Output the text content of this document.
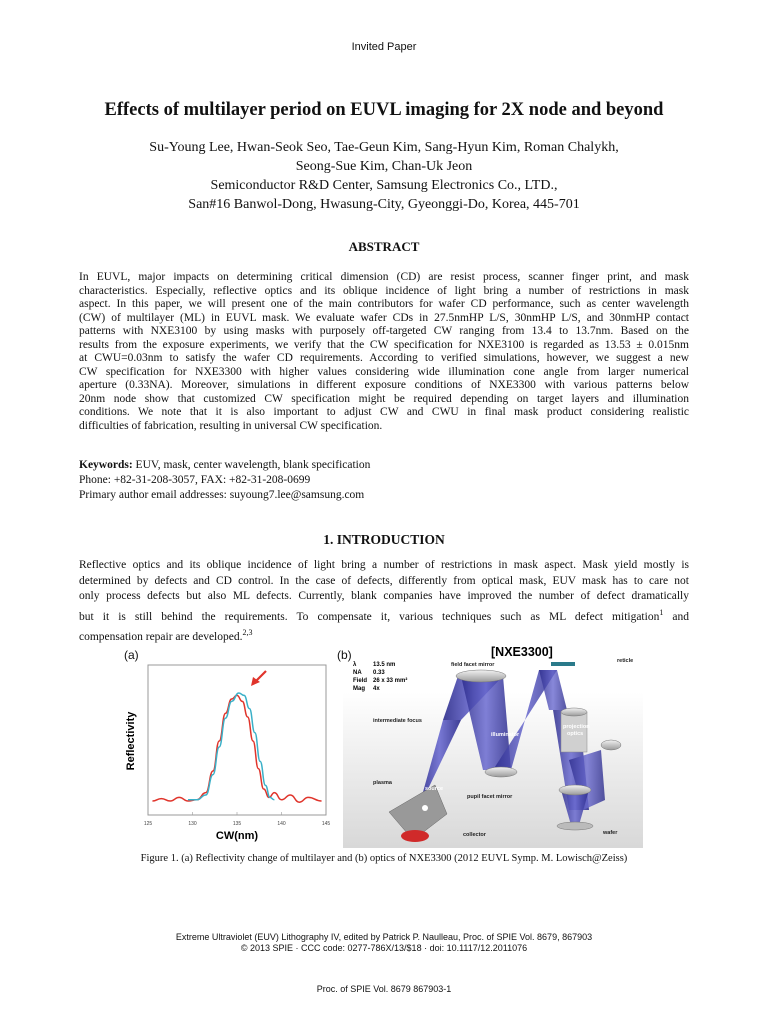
Invited Paper
Effects of multilayer period on EUVL imaging for 2X node and beyond
Su-Young Lee, Hwan-Seok Seo, Tae-Geun Kim, Sang-Hyun Kim, Roman Chalykh,
Seong-Sue Kim, Chan-Uk Jeon
Semiconductor R&D Center, Samsung Electronics Co., LTD.,
San#16 Banwol-Dong, Hwasung-City, Gyeonggi-Do, Korea, 445-701
ABSTRACT
In EUVL, major impacts on determining critical dimension (CD) are resist process, scanner finger print, and mask
characteristics. Especially, reflective optics and its oblique incidence of light bring a number of restrictions in mask
aspect. In this paper, we will present one of the main contributors for wafer CD performance, such as center wavelength
(CW) of multilayer (ML) in EUVL mask. We evaluate wafer CDs in 27.5nmHP L/S, 30nmHP L/S, and 30nmHP contact
patterns with NXE3100 by using masks with purposely off-targeted CW ranging from 13.4 to 13.7nm. Based on the
results from the exposure experiments, we verify that the CW specification for NXE3100 is regarded as 13.53 ± 0.015nm
at CWU=0.03nm to satisfy the wafer CD requirements. According to verified simulations, however, we suggest a new
CW specification for NXE3300 with higher values considering wide illumination cone angle from larger numerical
aperture (0.33NA). Moreover, simulations in different exposure conditions of NXE3300 with various patterns below
20nm node show that customized CW specification might be required depending on target layers and illumination
conditions. We note that it is also important to adjust CW and CWU in final mask product considering realistic
difficulties of fabrication, resulting in universal CW specification.
Keywords: EUV, mask, center wavelength, blank specification
Phone: +82-31-208-3057, FAX: +82-31-208-0699
Primary author email addresses: suyoung7.lee@samsung.com
1. INTRODUCTION
Reflective optics and its oblique incidence of light bring a number of restrictions in mask aspect. Mask yield mostly is
determined by defects and CD control. In the case of defects, differently from optical mask, EUV mask has to care not
only process defects but also ML defects. Currently, blank companies have improved the number of defect dramatically
but it is still behind the requirements. To compensate it, various techniques such as ML defect mitigation$^1$ and
compensation repair are developed.$^{2,3}$
(a)
125	130	135	140	145
Reflectivity
CW(nm)
(b)	[NXE3300]
λ	13.5 nm
NA 0.33
Field 26 x 33 mm²
Mag 4x
field facet mirror
reticle
projection
optics
intermediate focus
illuminator
plasma
source
pupil facet mirror
collector	wafer
Figure 1. (a) Reflectivity change of multilayer and (b) optics of NXE3300 (2012 EUVL Symp. M. Lowisch@Zeiss)
Extreme Ultraviolet (EUV) Lithography IV, edited by Patrick P. Naulleau, Proc. of SPIE Vol. 8679, 867903
© 2013 SPIE · CCC code: 0277-786X/13/$18 · doi: 10.1117/12.2011076
Proc. of SPIE Vol. 8679 867903-1
